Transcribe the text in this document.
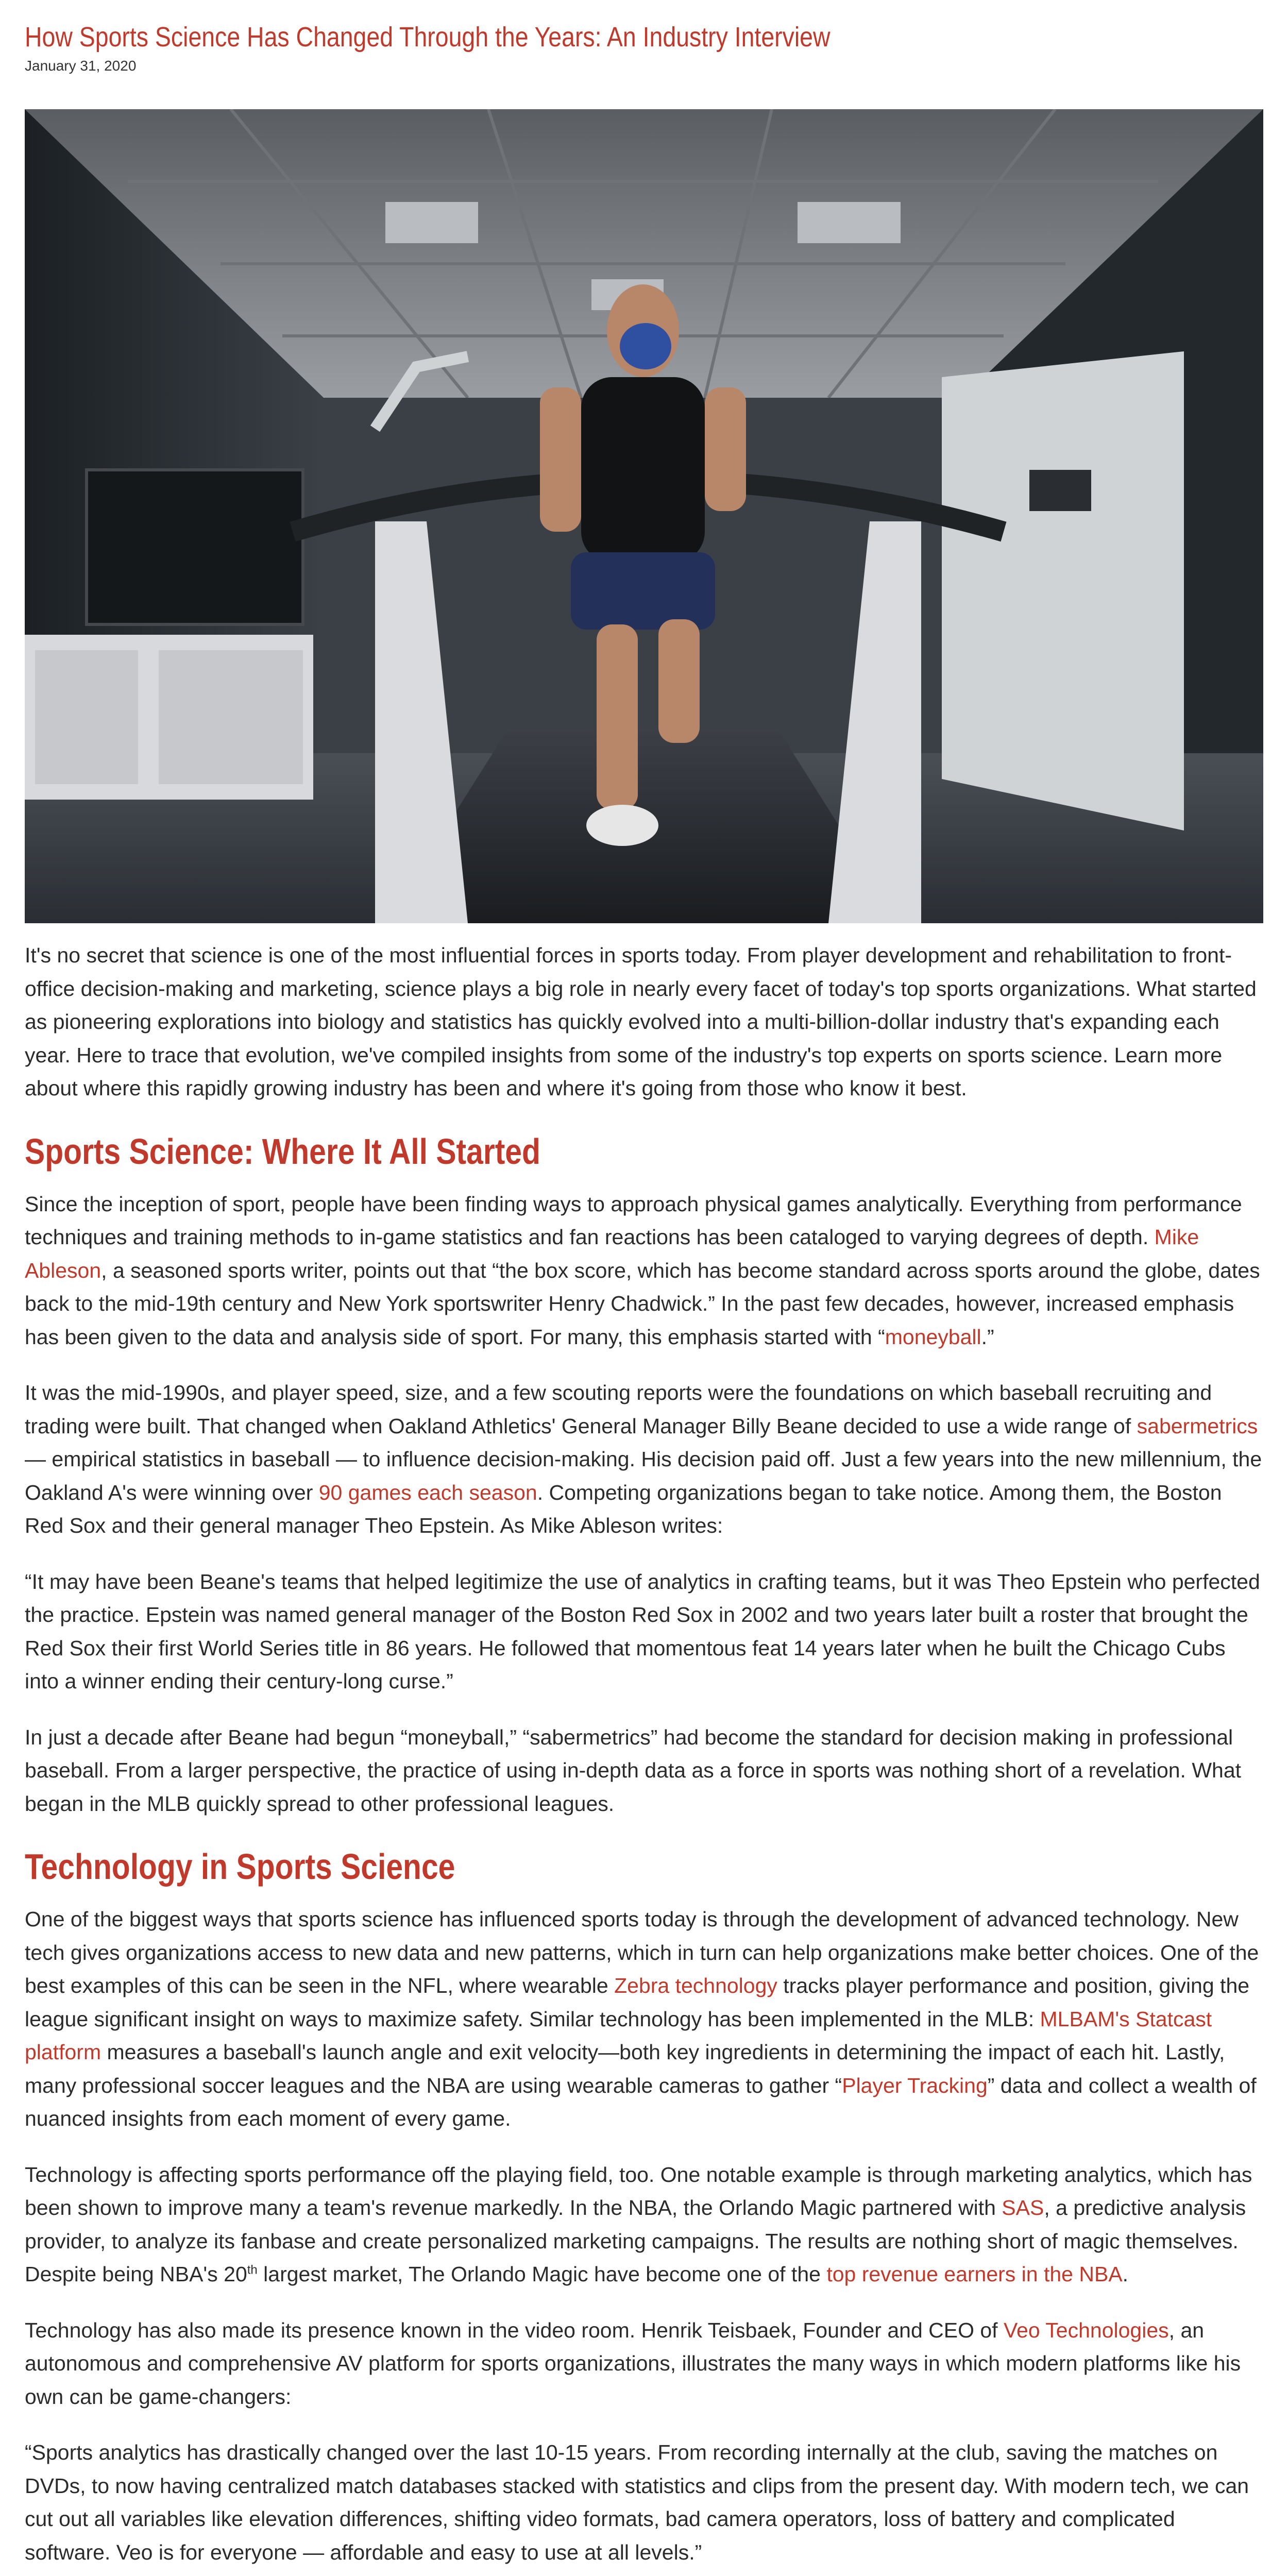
How Sports Science Has Changed Through the Years: An Industry Interview
January 31, 2020

It's no secret that science is one of the most influential forces in sports today. From player development and rehabilitation to front-office decision-making and marketing, science plays a big role in nearly every facet of today's top sports organizations. What started as pioneering explorations into biology and statistics has quickly evolved into a multi-billion-dollar industry that's expanding each year. Here to trace that evolution, we've compiled insights from some of the industry's top experts on sports science. Learn more about where this rapidly growing industry has been and where it's going from those who know it best.

Sports Science: Where It All Started

Since the inception of sport, people have been finding ways to approach physical games analytically. Everything from performance techniques and training methods to in-game statistics and fan reactions has been cataloged to varying degrees of depth. Mike Ableson, a seasoned sports writer, points out that “the box score, which has become standard across sports around the globe, dates back to the mid-19th century and New York sportswriter Henry Chadwick.” In the past few decades, however, increased emphasis has been given to the data and analysis side of sport. For many, this emphasis started with “moneyball.”

It was the mid-1990s, and player speed, size, and a few scouting reports were the foundations on which baseball recruiting and trading were built. That changed when Oakland Athletics' General Manager Billy Beane decided to use a wide range of sabermetrics — empirical statistics in baseball — to influence decision-making. His decision paid off. Just a few years into the new millennium, the Oakland A's were winning over 90 games each season. Competing organizations began to take notice. Among them, the Boston Red Sox and their general manager Theo Epstein. As Mike Ableson writes:

“It may have been Beane's teams that helped legitimize the use of analytics in crafting teams, but it was Theo Epstein who perfected the practice. Epstein was named general manager of the Boston Red Sox in 2002 and two years later built a roster that brought the Red Sox their first World Series title in 86 years. He followed that momentous feat 14 years later when he built the Chicago Cubs into a winner ending their century-long curse.”

In just a decade after Beane had begun “moneyball,” “sabermetrics” had become the standard for decision making in professional baseball. From a larger perspective, the practice of using in-depth data as a force in sports was nothing short of a revelation. What began in the MLB quickly spread to other professional leagues.

Technology in Sports Science

One of the biggest ways that sports science has influenced sports today is through the development of advanced technology. New tech gives organizations access to new data and new patterns, which in turn can help organizations make better choices. One of the best examples of this can be seen in the NFL, where wearable Zebra technology tracks player performance and position, giving the league significant insight on ways to maximize safety. Similar technology has been implemented in the MLB: MLBAM's Statcast platform measures a baseball's launch angle and exit velocity—both key ingredients in determining the impact of each hit. Lastly, many professional soccer leagues and the NBA are using wearable cameras to gather “Player Tracking” data and collect a wealth of nuanced insights from each moment of every game.

Technology is affecting sports performance off the playing field, too. One notable example is through marketing analytics, which has been shown to improve many a team's revenue markedly. In the NBA, the Orlando Magic partnered with SAS, a predictive analysis provider, to analyze its fanbase and create personalized marketing campaigns. The results are nothing short of magic themselves. Despite being NBA's 20th largest market, The Orlando Magic have become one of the top revenue earners in the NBA.

Technology has also made its presence known in the video room. Henrik Teisbaek, Founder and CEO of Veo Technologies, an autonomous and comprehensive AV platform for sports organizations, illustrates the many ways in which modern platforms like his own can be game-changers:

“Sports analytics has drastically changed over the last 10-15 years. From recording internally at the club, saving the matches on DVDs, to now having centralized match databases stacked with statistics and clips from the present day. With modern tech, we can cut out all variables like elevation differences, shifting video formats, bad camera operators, loss of battery and complicated software. Veo is for everyone — affordable and easy to use at all levels.”
